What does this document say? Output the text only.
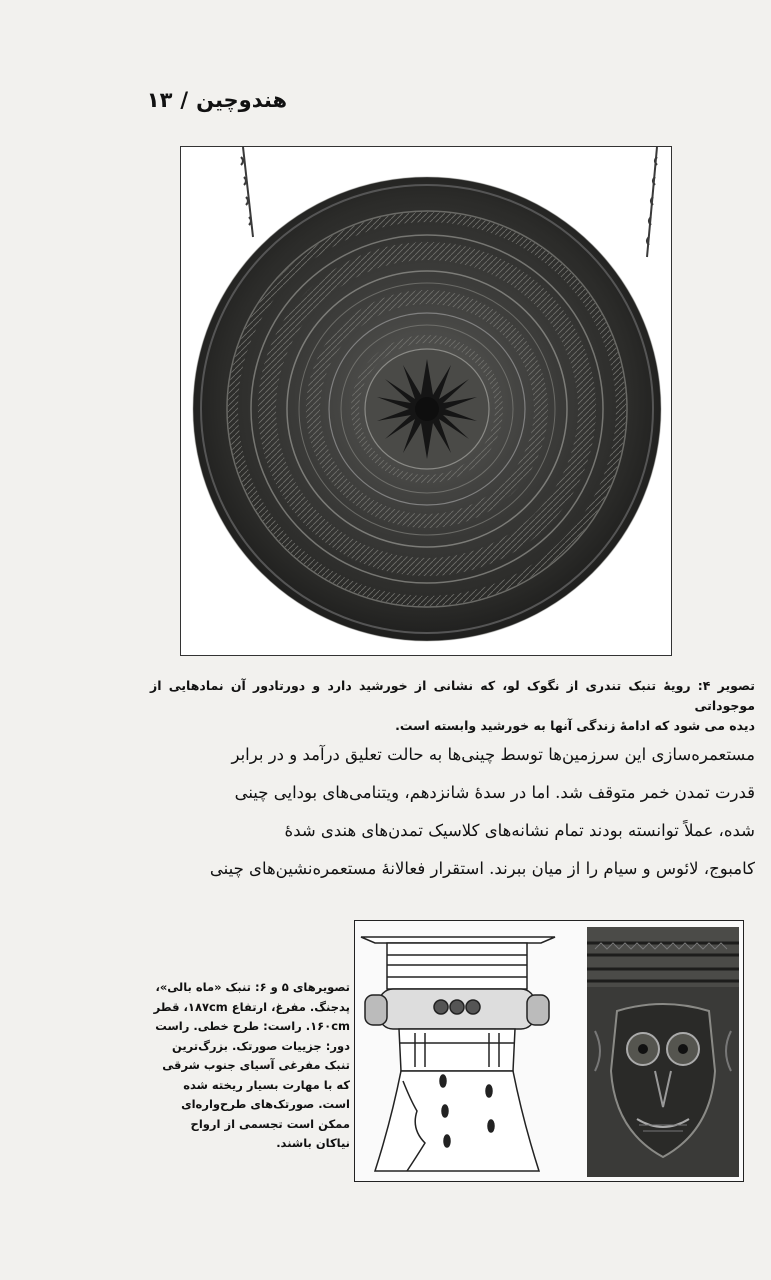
هندوچین/۱۳
تصویر ۴: رویهٔ تنبک تندری از نگوک لو، که نشانی از خورشید دارد و دورتادور آن نمادهایی از موجوداتی
دیده می شود که ادامهٔ زندگی آنها به خورشید وابسته است.

مستعمره‌سازی این سرزمین‌ها توسط چینی‌ها به حالت تعلیق درآمد و در برابر

قدرت تمدن خمر متوقف شد. اما در سدهٔ شانزدهم، ویتنامی‌های بودایی چینی

شده، عملاً توانسته بودند تمام نشانه‌های کلاسیک تمدن‌های هندی شدهٔ

کامبوج، لائوس و سیام را از میان ببرند. استقرار فعالانهٔ مستعمره‌نشین‌های چینی

تصویرهای ۵ و ۶: تنبک «ماه بالی»،
پدجنگ. مفرغ، ارتفاع ۱۸۷cm، قطر
۱۶۰cm. راست: طرح خطی. راست
دور: جزییات صورتک. بزرگ‌ترین
تنبک مفرغی آسیای جنوب شرقی
که با مهارت بسیار ریخته شده
است. صورتک‌های طرح‌واره‌ای
ممکن است تجسمی از ارواح
نیاکان باشند.
